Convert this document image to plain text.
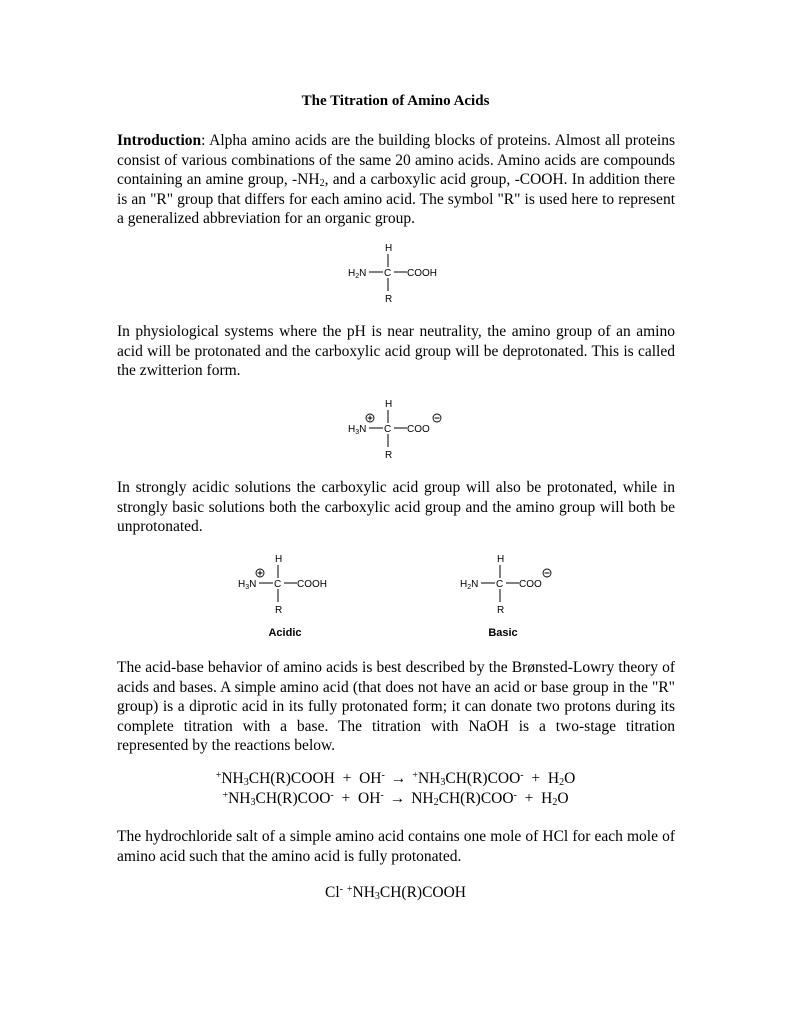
The Titration of Amino Acids

Introduction: Alpha amino acids are the building blocks of proteins. Almost all proteins consist of various combinations of the same 20 amino acids. Amino acids are compounds containing an amine group, $-NH_2$, and a carboxylic acid group, -COOH. In addition there is an "R" group that differs for each amino acid. The symbol "R" is used here to represent a generalized abbreviation for an organic group.

H
$H_2N$ C COOH
R

In physiological systems where the pH is near neutrality, the amino group of an amino acid will be protonated and the carboxylic acid group will be deprotonated. This is called the zwitterion form.

H
$H_3N$ C COO
R

In strongly acidic solutions the carboxylic acid group will also be protonated, while in strongly basic solutions both the carboxylic acid group and the amino group will both be unprotonated.

H
$H_3N$ C COOH
R
Acidic
H
$H_2N$ C COO
R
Basic

The acid-base behavior of amino acids is best described by the Brønsted-Lowry theory of acids and bases. A simple amino acid (that does not have an acid or base group in the "R" group) is a diprotic acid in its fully protonated form; it can donate two protons during its complete titration with a base. The titration with NaOH is a two-stage titration represented by the reactions below.

$^+NH_3CH(R)COOH + OH^- \to ^+NH_3CH(R)COO^- + H_2O$
$^+NH_3CH(R)COO^- + OH^- \to NH_2CH(R)COO^- + H_2O$

The hydrochloride salt of a simple amino acid contains one mole of HCl for each mole of amino acid such that the amino acid is fully protonated.

Cl- $^+NH_3CH(R)COOH$
